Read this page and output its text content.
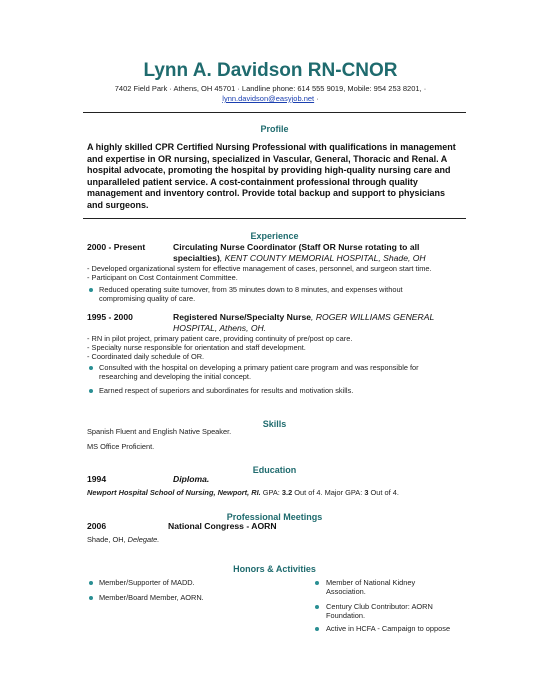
Lynn A. Davidson RN-CNOR
7402 Field Park · Athens, OH 45701 · Landline phone: 614 555 9019, Mobile: 954 253 8201, ·
lynn.davidson@easyjob.net ·
Profile
A highly skilled CPR Certified Nursing Professional with qualifications in management and expertise in OR nursing, specialized in Vascular, General, Thoracic and Renal. A hospital advocate, promoting the hospital by providing high-quality nursing care and unparalleled patient service. A cost-containment professional through quality management and inventory control. Provide total backup and support to physicians and surgeons.
Experience
2000 - Present	Circulating Nurse Coordinator (Staff OR Nurse rotating to all specialties), KENT COUNTY MEMORIAL HOSPITAL, Shade, OH
- Developed organizational system for effective management of cases, personnel, and surgeon start time.
- Participant on Cost Containment Committee.
Reduced operating suite turnover, from 35 minutes down to 8 minutes, and expenses without compromising quality of care.
1995 - 2000	Registered Nurse/Specialty Nurse, ROGER WILLIAMS GENERAL HOSPITAL, Athens, OH.
- RN in pilot project, primary patient care, providing continuity of pre/post op care.
- Specialty nurse responsible for orientation and staff development.
- Coordinated daily schedule of OR.
Consulted with the hospital on developing a primary patient care program and was responsible for researching and developing the initial concept.
Earned respect of superiors and subordinates for results and motivation skills.
Skills
Spanish Fluent and English Native Speaker.
MS Office Proficient.
Education
1994	Diploma.
Newport Hospital School of Nursing, Newport, RI. GPA: 3.2 Out of 4. Major GPA: 3 Out of 4.
Professional Meetings
2006	National Congress - AORN
Shade, OH, Delegate.
Honors & Activities
Member/Supporter of MADD.
Member/Board Member, AORN.
Member of National Kidney Association.
Century Club Contributor: AORN Foundation.
Active in HCFA - Campaign to oppose
